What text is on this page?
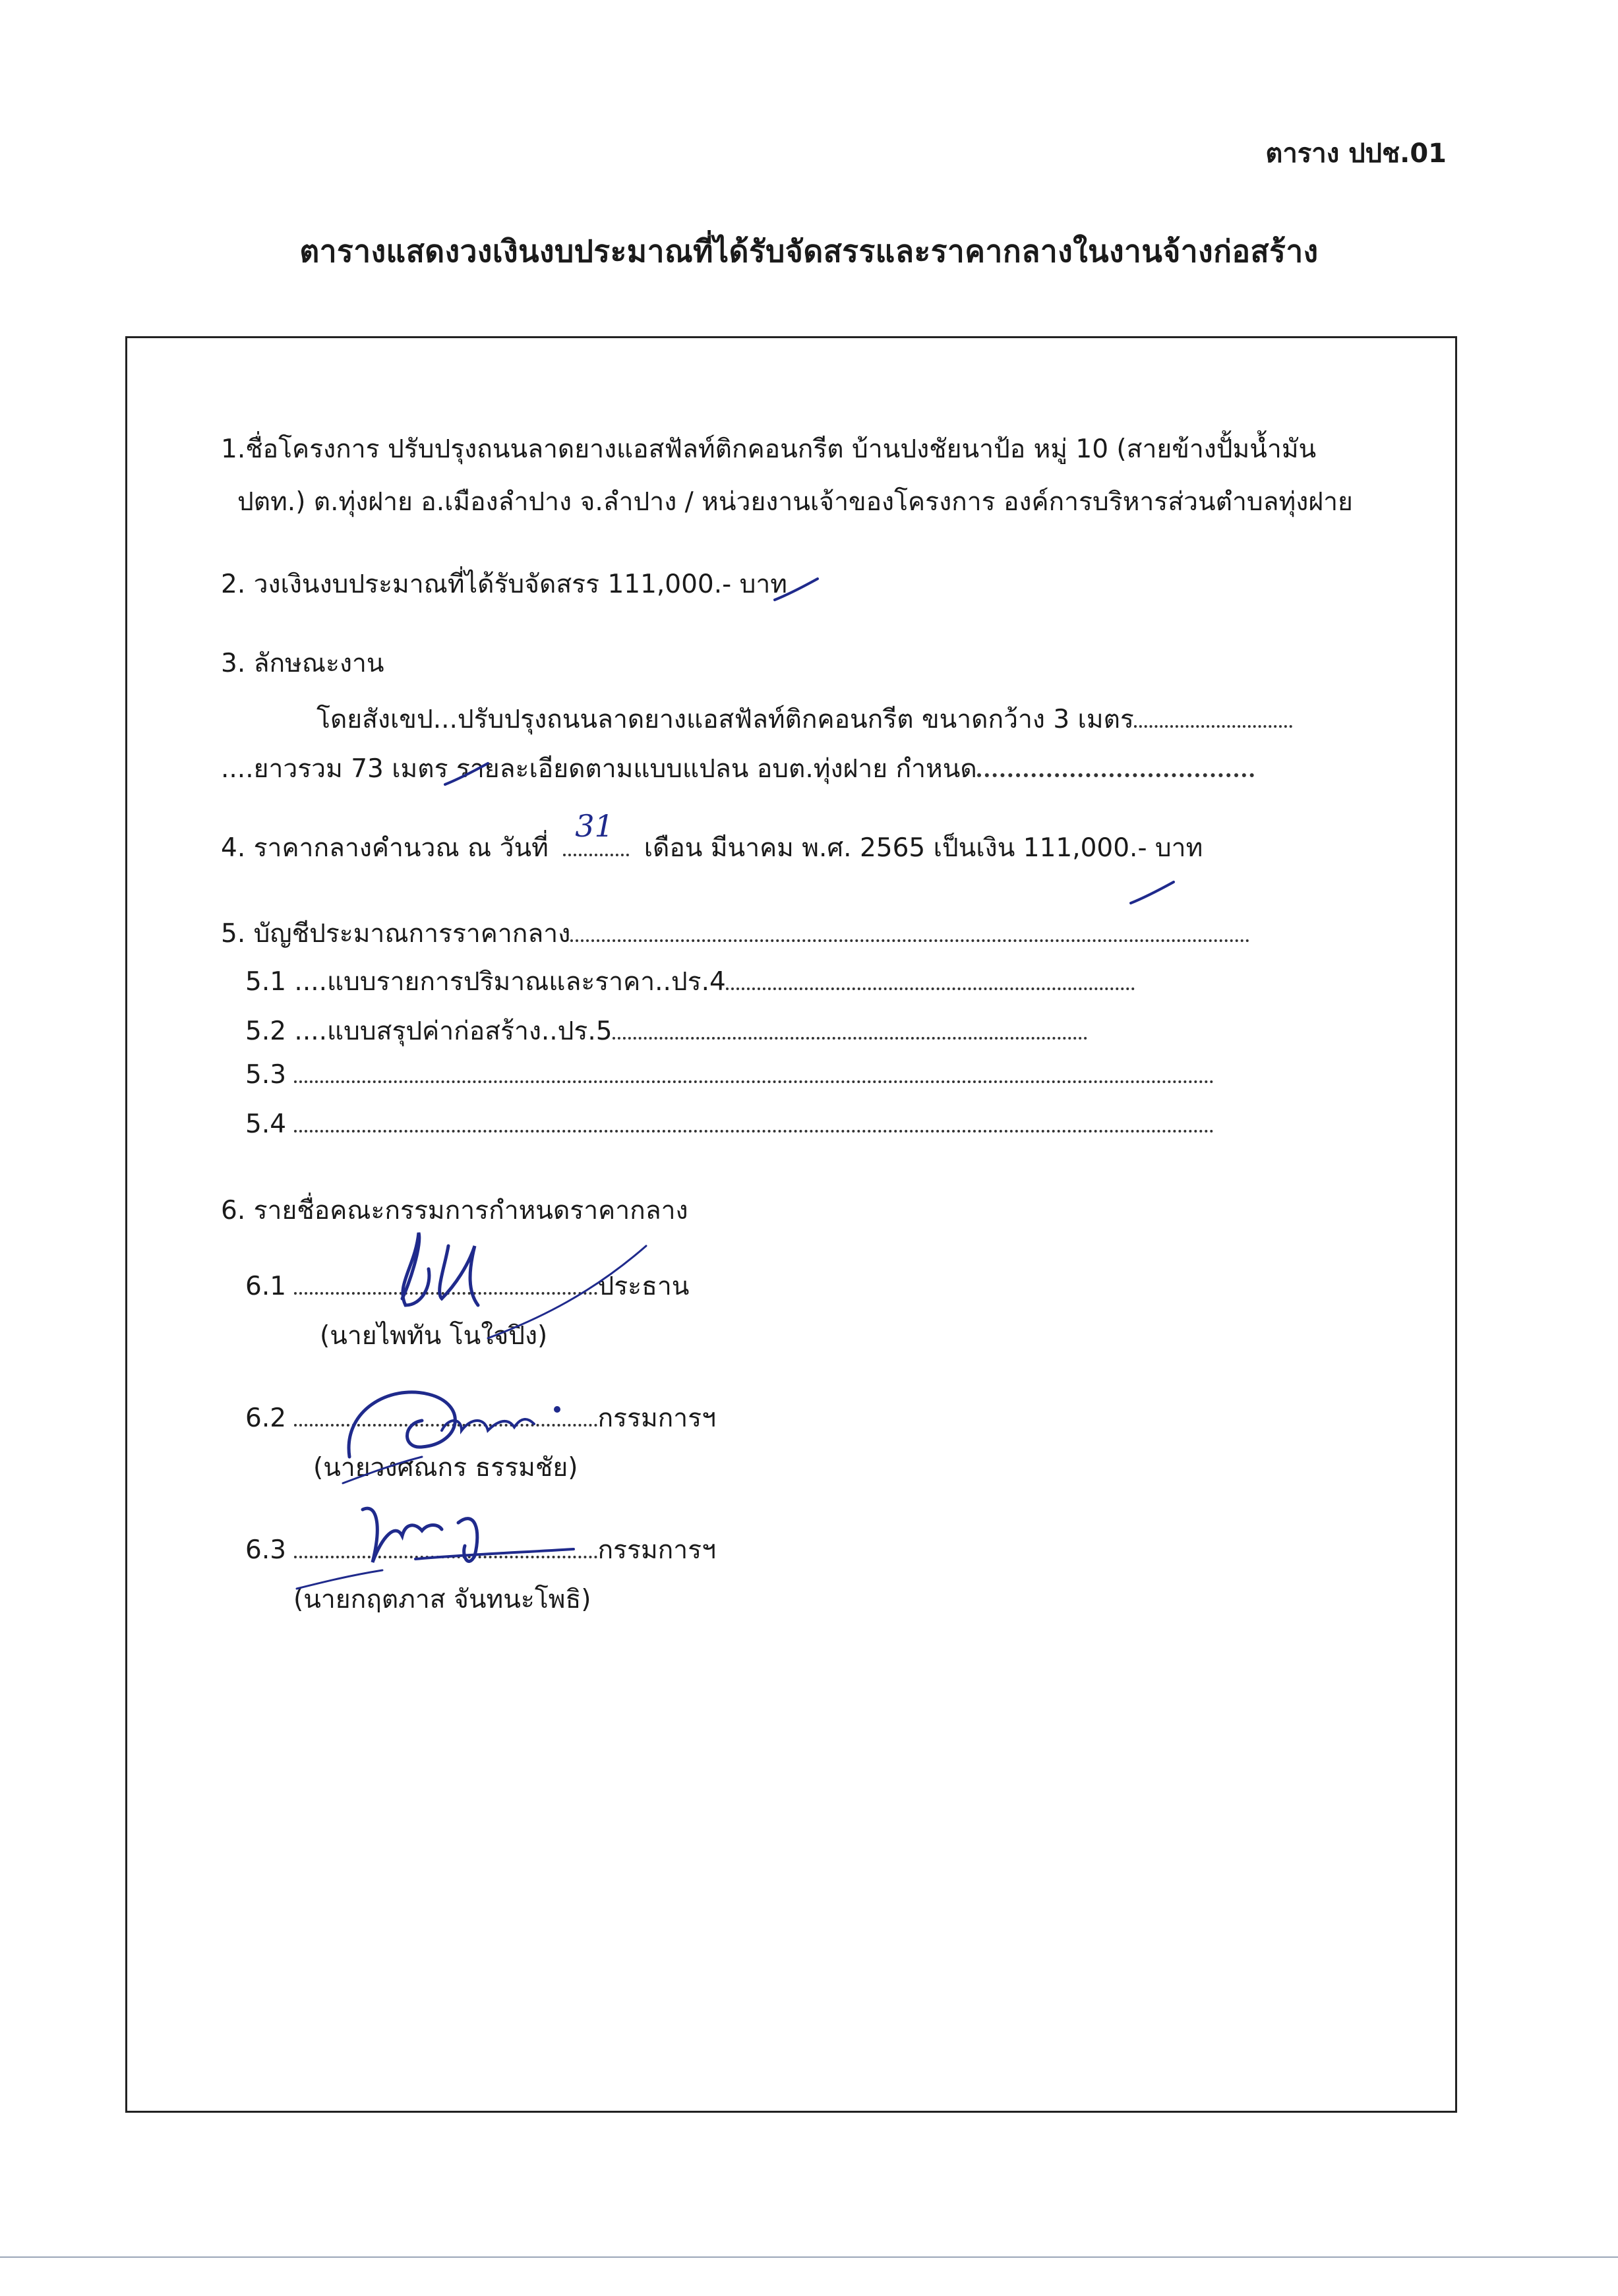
ตาราง ปปช.01
ตารางแสดงวงเงินงบประมาณที่ได้รับจัดสรรและราคากลางในงานจ้างก่อสร้าง
1.ชื่อโครงการ ปรับปรุงถนนลาดยางแอสฟัลท์ติกคอนกรีต บ้านปงชัยนาป้อ หมู่ 10 (สายข้างปั้มน้ำมัน
ปตท.) ต.ทุ่งฝาย อ.เมืองลำปาง จ.ลำปาง / หน่วยงานเจ้าของโครงการ องค์การบริหารส่วนตำบลทุ่งฝาย
2. วงเงินงบประมาณที่ได้รับจัดสรร 111,000.- บาท
3. ลักษณะงาน
โดยสังเขป...ปรับปรุงถนนลาดยางแอสฟัลท์ติกคอนกรีต ขนาดกว้าง 3 เมตร
....ยาวรวม 73 เมตร รายละเอียดตามแบบแปลน อบต.ทุ่งฝาย กำหนด
4. ราคากลางคำนวณ ณ วันที่
31
เดือน มีนาคม พ.ศ. 2565 เป็นเงิน 111,000.- บาท
5. บัญชีประมาณการราคากลาง
5.1 ....แบบรายการปริมาณและราคา..ปร.4
5.2 ....แบบสรุปค่าก่อสร้าง..ปร.5
5.3
5.4
6. รายชื่อคณะกรรมการกำหนดราคากลาง
6.1	ประธาน
(นายไพทัน โนใจปิง)
6.2	กรรมการฯ
(นายวงศณกร ธรรมชัย)
6.3	กรรมการฯ
(นายกฤตภาส จันทนะโพธิ)
